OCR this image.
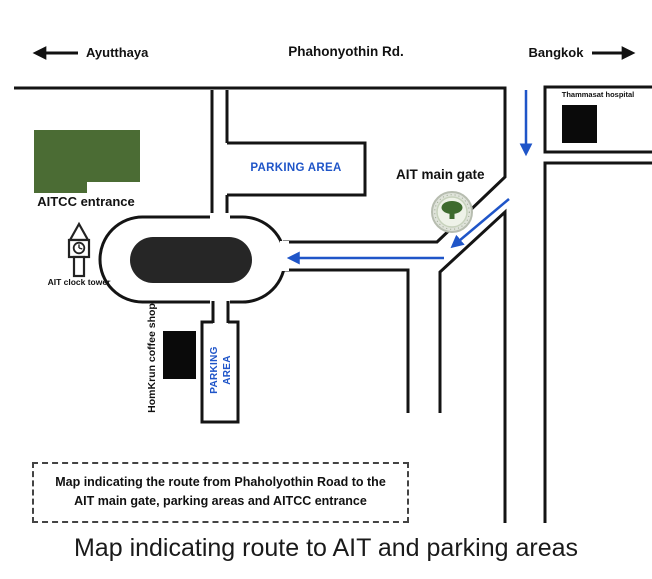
Ayutthaya	Phahonyothin Rd.	Bangkok
Thammasat hospital
PARKING AREA	AIT main gate
AITCC entrance
AIT clock tower
HomKrun coffee shop	PARKING AREA
Map indicating the route from Phaholyothin Road to the AIT main gate, parking areas and AITCC entrance
Map indicating route to AIT and parking areas
